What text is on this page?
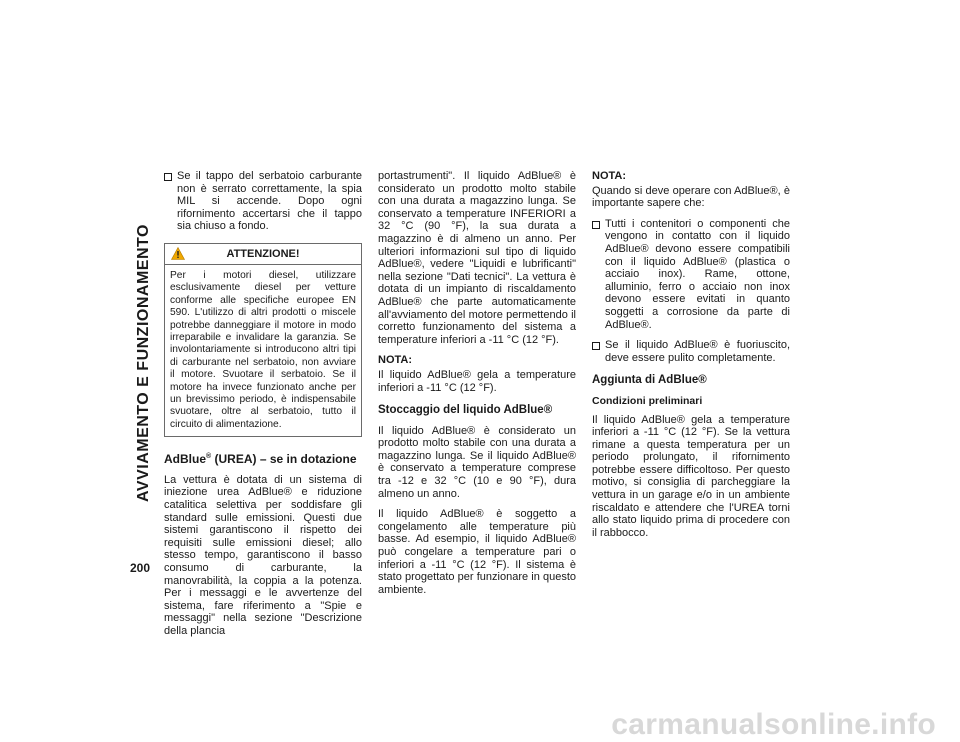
AVVIAMENTO E FUNZIONAMENTO
200
Se il tappo del serbatoio carburante non è serrato correttamente, la spia MIL si accende. Dopo ogni rifornimento accertarsi che il tappo sia chiuso a fondo.
ATTENZIONE!
Per i motori diesel, utilizzare esclusivamente diesel per vetture conforme alle specifiche europee EN 590. L'utilizzo di altri prodotti o miscele potrebbe danneggiare il motore in modo irreparabile e invalidare la garanzia. Se involontariamente si introducono altri tipi di carburante nel serbatoio, non avviare il motore. Svuotare il serbatoio. Se il motore ha invece funzionato anche per un brevissimo periodo, è indispensabile svuotare, oltre al serbatoio, tutto il circuito di alimentazione.
AdBlue® (UREA) – se in dotazione

La vettura è dotata di un sistema di iniezione urea AdBlue® e riduzione catalitica selettiva per soddisfare gli standard sulle emissioni. Questi due sistemi garantiscono il rispetto dei requisiti sulle emissioni diesel; allo stesso tempo, garantiscono il basso consumo di carburante, la manovrabilità, la coppia a la potenza. Per i messaggi e le avvertenze del sistema, fare riferimento a "Spie e messaggi" nella sezione "Descrizione della plancia

portastrumenti". Il liquido AdBlue® è considerato un prodotto molto stabile con una durata a magazzino lunga. Se conservato a temperature INFERIORI a 32 °C (90 °F), la sua durata a magazzino è di almeno un anno. Per ulteriori informazioni sul tipo di liquido AdBlue®, vedere "Liquidi e lubrificanti" nella sezione "Dati tecnici". La vettura è dotata di un impianto di riscaldamento AdBlue® che parte automaticamente all'avviamento del motore permettendo il corretto funzionamento del sistema a temperature inferiori a -11 °C (12 °F).

NOTA:

Il liquido AdBlue® gela a temperature inferiori a -11 °C (12 °F).

Stoccaggio del liquido AdBlue®

Il liquido AdBlue® è considerato un prodotto molto stabile con una durata a magazzino lunga. Se il liquido AdBlue® è conservato a temperature comprese tra -12 e 32 °C (10 e 90 °F), dura almeno un anno.

Il liquido AdBlue® è soggetto a congelamento alle temperature più basse. Ad esempio, il liquido AdBlue® può congelare a temperature pari o inferiori a -11 °C (12 °F). Il sistema è stato progettato per funzionare in questo ambiente.

NOTA:

Quando si deve operare con AdBlue®, è importante sapere che:

Tutti i contenitori o componenti che vengono in contatto con il liquido AdBlue® devono essere compatibili con il liquido AdBlue® (plastica o acciaio inox). Rame, ottone, alluminio, ferro o acciaio non inox devono essere evitati in quanto soggetti a corrosione da parte di AdBlue®.
Se il liquido AdBlue® è fuoriuscito, deve essere pulito completamente.
Aggiunta di AdBlue®
Condizioni preliminari

Il liquido AdBlue® gela a temperature inferiori a -11 °C (12 °F). Se la vettura rimane a questa temperatura per un periodo prolungato, il rifornimento potrebbe essere difficoltoso. Per questo motivo, si consiglia di parcheggiare la vettura in un garage e/o in un ambiente riscaldato e attendere che l'UREA torni allo stato liquido prima di procedere con il rabbocco.

carmanualsonline.info
